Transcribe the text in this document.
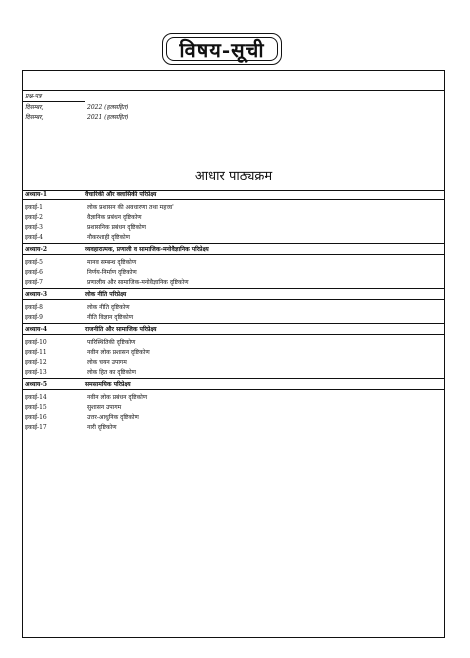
विषय-सूची
प्रश्न-पत्र
दिसम्बर,	2022 (हलसहित)
दिसम्बर,	2021 (हलसहित)
आधार पाठ्यक्रम
अध्याय-1	वैचारिकी और क्लासिकी परिप्रेक्ष्य
इकाई-1	लोक प्रशासन की अवधारणा तथा महत्त्व'
इकाई-2	वैज्ञानिक प्रबंधन दृष्टिकोण
इकाई-3	प्रशासनिक प्रबंधन दृष्टिकोण
इकाई-4	नौकरशाही दृष्टिकोण
अध्याय-2	व्यवहारात्मक, प्रणाली व सामाजिक-मनोवैज्ञानिक परिप्रेक्ष्य
इकाई-5	मानव सम्बन्ध दृष्टिकोण
इकाई-6	निर्णय-निर्माण दृष्टिकोण
इकाई-7	प्रणालीय और सामाजिक-मनोवैज्ञानिक दृष्टिकोण
अध्याय-3	लोक नीति परिप्रेक्ष्य
इकाई-8	लोक नीति दृष्टिकोण
इकाई-9	नीति विज्ञान दृष्टिकोण
अध्याय-4	राजनीति और सामाजिक परिप्रेक्ष्य
इकाई-10	पारिस्थितिकी दृष्टिकोण
इकाई-11	नवीन लोक प्रशासन दृष्टिकोण
इकाई-12	लोक चयन उपागम
इकाई-13	लोक हित का दृष्टिकोण
अध्याय-5	समसामयिक परिप्रेक्ष्य
इकाई-14	नवीन लोक प्रबंधन दृष्टिकोण
इकाई-15	सुशासन उपागम
इकाई-16	उत्तर-आधुनिक दृष्टिकोण
इकाई-17	नारी दृष्टिकोण
